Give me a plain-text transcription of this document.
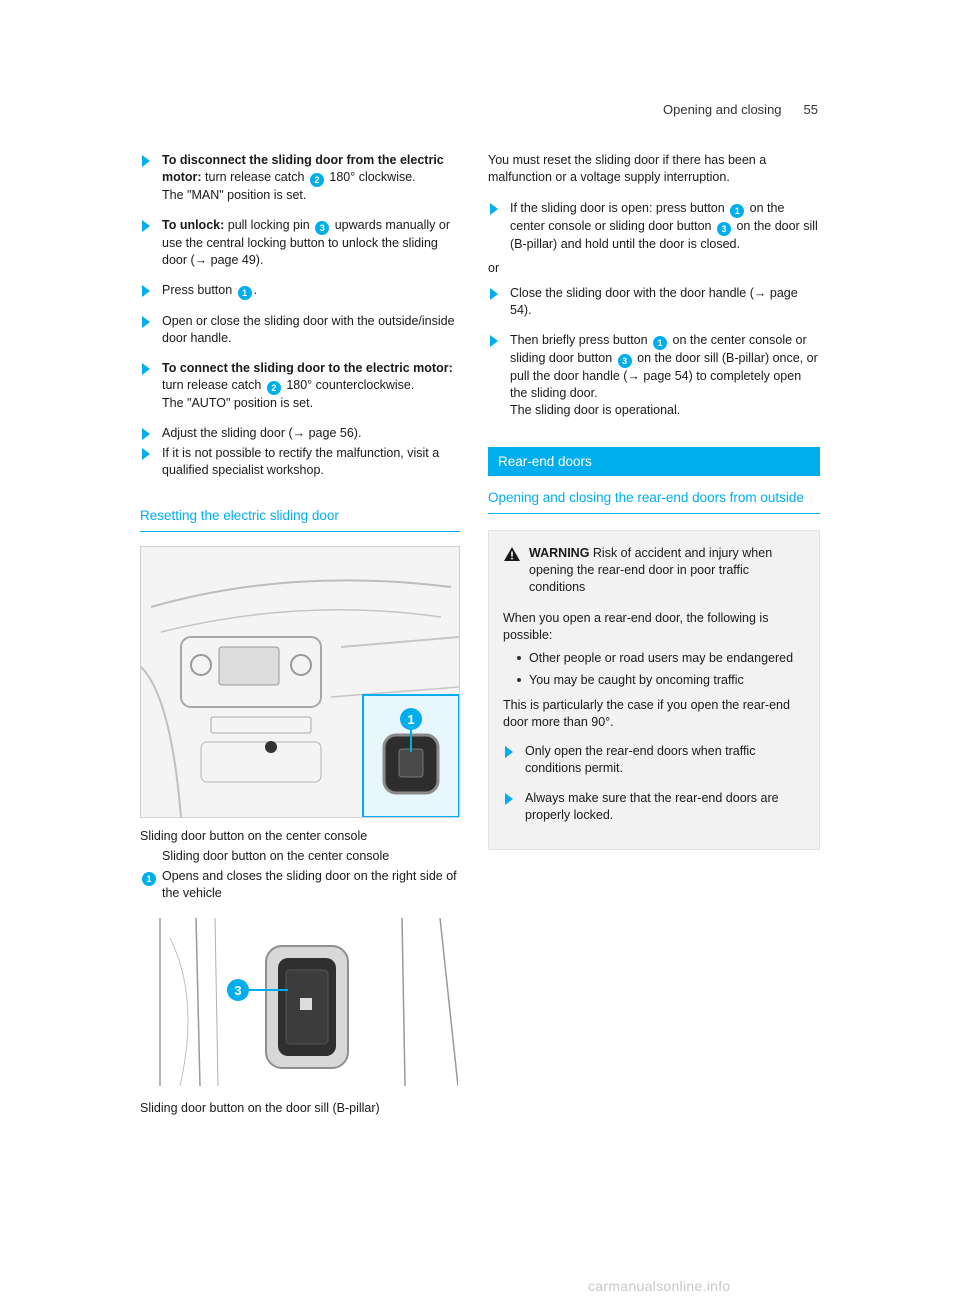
Opening and closing 55
To disconnect the sliding door from the electric motor: turn release catch 2 180° clockwise.
The "MAN" position is set.
To unlock: pull locking pin 3 upwards manually or use the central locking button to unlock the sliding door (→ page 49).
Press button 1 .
Open or close the sliding door with the outside/inside door handle.
To connect the sliding door to the electric motor: turn release catch 2 180° counterclockwise.
The "AUTO" position is set.
Adjust the sliding door (→ page 56).
If it is not possible to rectify the malfunction, visit a qualified specialist workshop.
Resetting the electric sliding door
1
Sliding door button on the center console
Sliding door button on the center console
1 Opens and closes the sliding door on the right side of the vehicle
3
Sliding door button on the door sill (B-pillar)

You must reset the sliding door if there has been a malfunction or a voltage supply interruption.

If the sliding door is open: press button 1 on the center console or sliding door button 3 on the door sill (B-pillar) and hold until the door is closed.

or

Close the sliding door with the door handle (→ page 54).
Then briefly press button 1 on the center console or sliding door button 3 on the door sill (B-pillar) once, or pull the door handle (→ page 54) to completely open the sliding door.
The sliding door is operational.
Rear-end doors
Opening and closing the rear-end doors from outside
WARNING Risk of accident and injury when opening the rear-end door in poor traffic conditions

When you open a rear-end door, the following is possible:

Other people or road users may be endangered
You may be caught by oncoming traffic

This is particularly the case if you open the rear-end door more than 90°.

Only open the rear-end doors when traffic conditions permit.
Always make sure that the rear-end doors are properly locked.
carmanualsonline.info
